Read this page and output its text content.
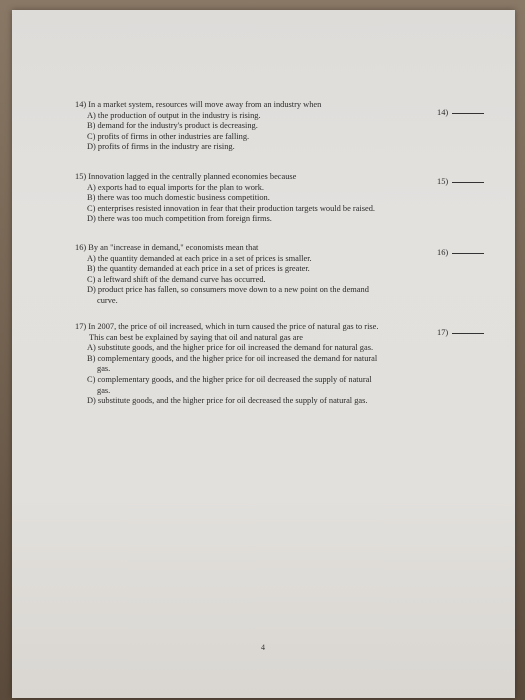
14) In a market system, resources will move away from an industry when

A) the production of output in the industry is rising.

B) demand for the industry's product is decreasing.

C) profits of firms in other industries are falling.

D) profits of firms in the industry are rising.

14)

15) Innovation lagged in the centrally planned economies because

A) exports had to equal imports for the plan to work.

B) there was too much domestic business competition.

C) enterprises resisted innovation in fear that their production targets would be raised.

D) there was too much competition from foreign firms.

15)

16) By an "increase in demand," economists mean that

A) the quantity demanded at each price in a set of prices is smaller.

B) the quantity demanded at each price in a set of prices is greater.

C) a leftward shift of the demand curve has occurred.

D) product price has fallen, so consumers move down to a new point on the demand
curve.

16)

17) In 2007, the price of oil increased, which in turn caused the price of natural gas to rise.

This can best be explained by saying that oil and natural gas are

A) substitute goods, and the higher price for oil increased the demand for natural gas.

B) complementary goods, and the higher price for oil increased the demand for natural
gas.

C) complementary goods, and the higher price for oil decreased the supply of natural
gas.

D) substitute goods, and the higher price for oil decreased the supply of natural gas.

17)
4
